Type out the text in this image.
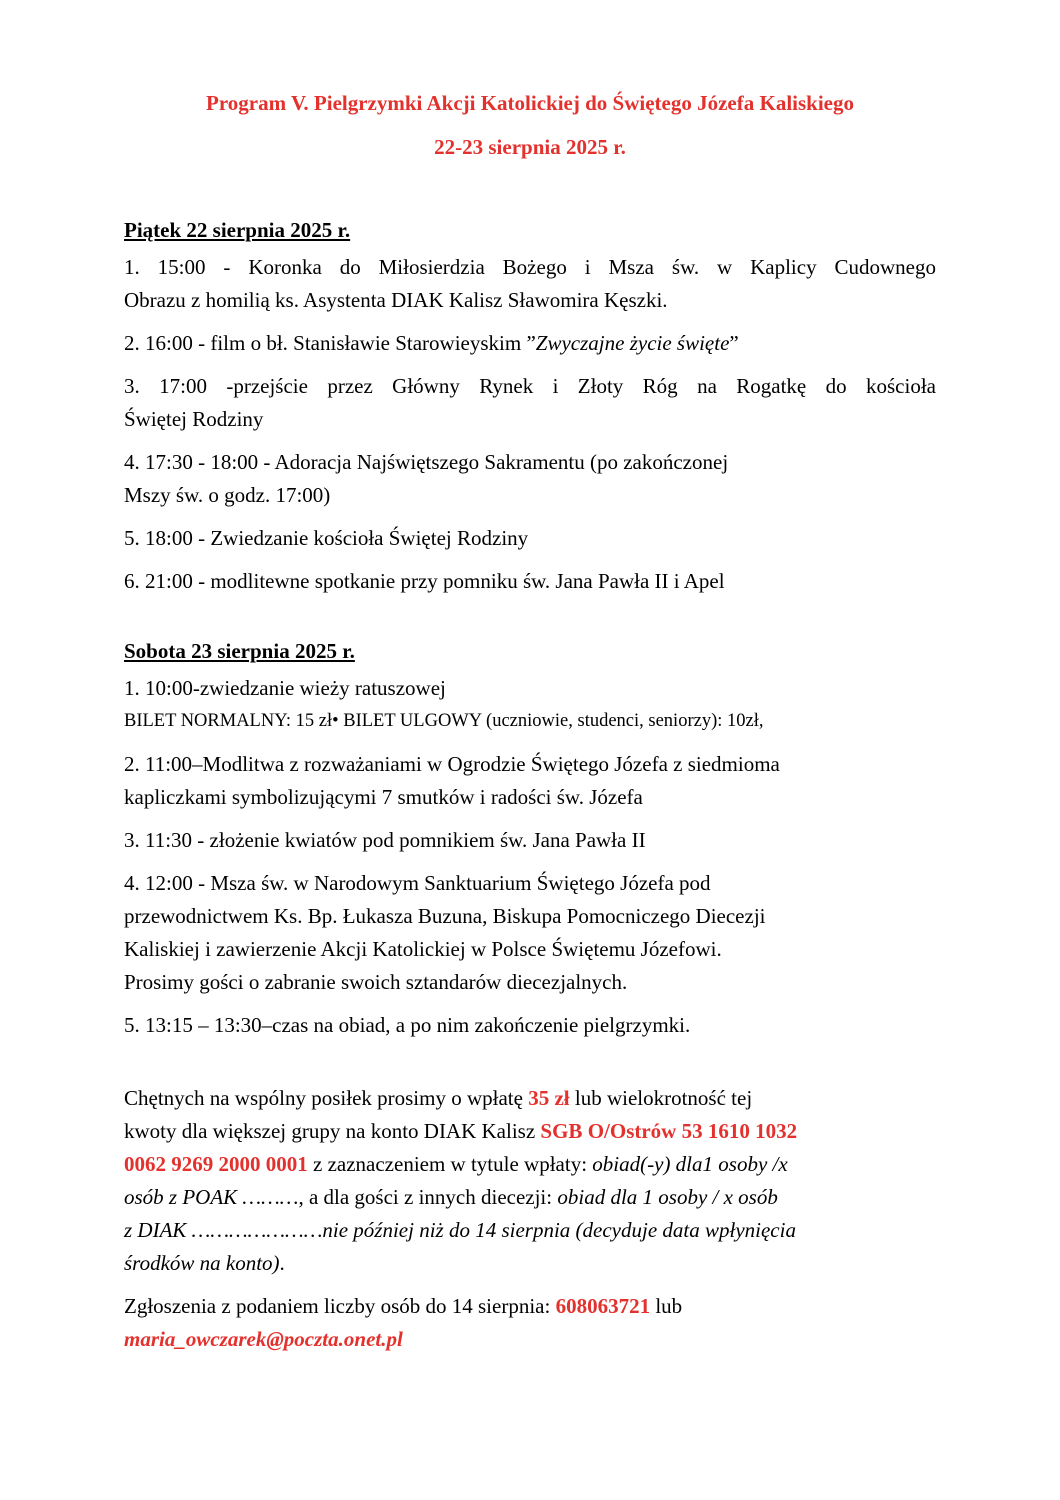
Program V. Pielgrzymki Akcji Katolickiej do Świętego Józefa Kaliskiego
22-23 sierpnia 2025 r.
Piątek 22 sierpnia 2025 r.
1. 15:00 - Koronka do Miłosierdzia Bożego i Msza św. w Kaplicy Cudownego
Obrazu z homilią ks. Asystenta DIAK Kalisz Sławomira Kęszki.
2. 16:00 - film o bł. Stanisławie Starowieyskim ”Zwyczajne życie święte”
3. 17:00 -przejście przez Główny Rynek i Złoty Róg na Rogatkę do kościoła
Świętej Rodziny
4. 17:30 - 18:00 - Adoracja Najświętszego Sakramentu (po zakończonej
Mszy św. o godz. 17:00)
5. 18:00 - Zwiedzanie kościoła Świętej Rodziny
6. 21:00 - modlitewne spotkanie przy pomniku św. Jana Pawła II i Apel
Sobota 23 sierpnia 2025 r.
1. 10:00-zwiedzanie wieży ratuszowej
BILET NORMALNY: 15 zł• BILET ULGOWY (uczniowie, studenci, seniorzy): 10zł,
2. 11:00–Modlitwa z rozważaniami w Ogrodzie Świętego Józefa z siedmioma
kapliczkami symbolizującymi 7 smutków i radości św. Józefa
3. 11:30 - złożenie kwiatów pod pomnikiem św. Jana Pawła II
4. 12:00 - Msza św. w Narodowym Sanktuarium Świętego Józefa pod
przewodnictwem Ks. Bp. Łukasza Buzuna, Biskupa Pomocniczego Diecezji
Kaliskiej i zawierzenie Akcji Katolickiej w Polsce Świętemu Józefowi.
Prosimy gości o zabranie swoich sztandarów diecezjalnych.
5. 13:15 – 13:30–czas na obiad, a po nim zakończenie pielgrzymki.
Chętnych na wspólny posiłek prosimy o wpłatę 35 zł lub wielokrotność tej
kwoty dla większej grupy na konto DIAK Kalisz SGB O/Ostrów 53 1610 1032
0062 9269 2000 0001 z zaznaczeniem w tytule wpłaty: obiad(-y) dla1 osoby /x
osób z POAK ………, a dla gości z innych diecezji: obiad dla 1 osoby / x osób
z DIAK …………………nie później niż do 14 sierpnia (decyduje data wpłynięcia
środków na konto).
Zgłoszenia z podaniem liczby osób do 14 sierpnia: 608063721 lub
maria_owczarek@poczta.onet.pl
